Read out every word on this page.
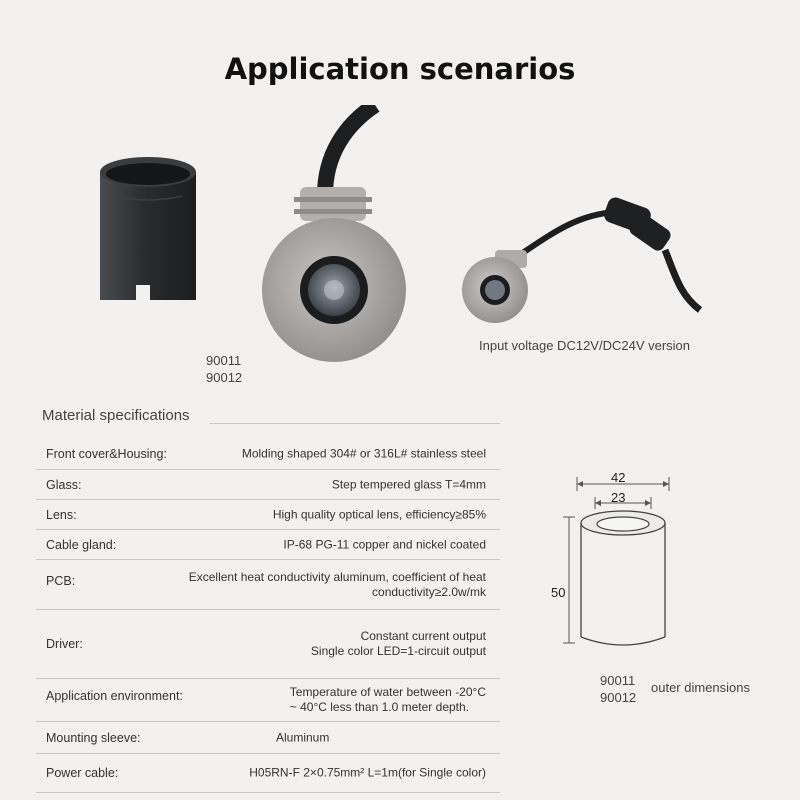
Application scenarios
90011
90012
Input voltage DC12V/DC24V version
Material specifications
Front cover&Housing:	Molding shaped 304# or 316L# stainless steel
Glass:	Step tempered glass T=4mm
Lens:	High quality optical lens, efficiency≥85%
Cable gland:	IP-68 PG-11 copper and nickel coated
PCB:	Excellent heat conductivity aluminum, coefficient of heat
conductivity≥2.0w/mk
Driver:
Constant current output
Single color LED=1-circuit output
Application environment:	Temperature of water between -20°C
~ 40°C less than 1.0 meter depth.
Mounting sleeve:	Aluminum
Power cable:	H05RN-F 2×0.75mm² L=1m(for Single color)
42
23
50
90011
90012
outer dimensions
